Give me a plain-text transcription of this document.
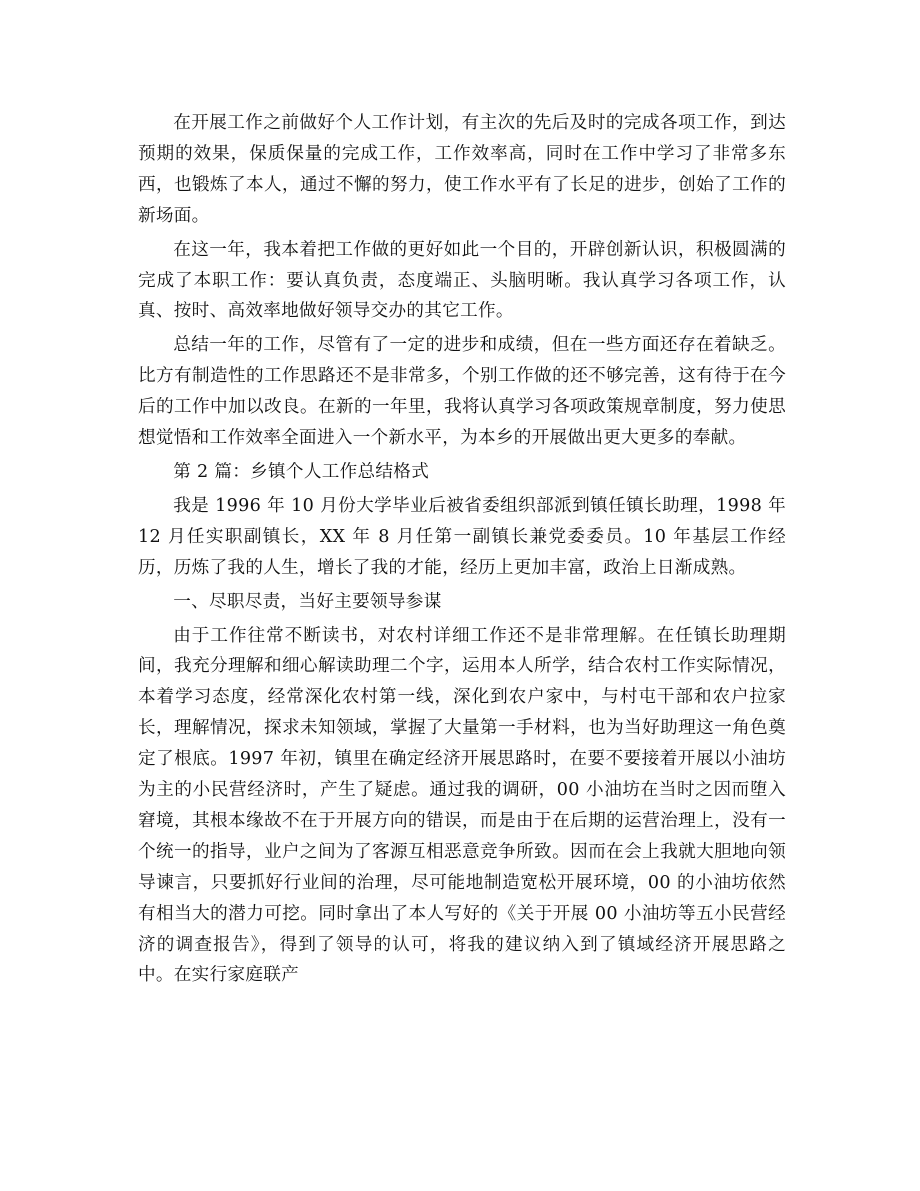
在开展工作之前做好个人工作计划，有主次的先后及时的完成各项工作，到达预期的效果，保质保量的完成工作，工作效率高，同时在工作中学习了非常多东西，也锻炼了本人，通过不懈的努力，使工作水平有了长足的进步，创始了工作的新场面。

在这一年，我本着把工作做的更好如此一个目的，开辟创新认识，积极圆满的完成了本职工作：要认真负责，态度端正、头脑明晰。我认真学习各项工作，认真、按时、高效率地做好领导交办的其它工作。

总结一年的工作，尽管有了一定的进步和成绩，但在一些方面还存在着缺乏。比方有制造性的工作思路还不是非常多，个别工作做的还不够完善，这有待于在今后的工作中加以改良。在新的一年里，我将认真学习各项政策规章制度，努力使思想觉悟和工作效率全面进入一个新水平，为本乡的开展做出更大更多的奉献。

第 2 篇：乡镇个人工作总结格式

我是 1996 年 10 月份大学毕业后被省委组织部派到镇任镇长助理，1998 年 12 月任实职副镇长，XX 年 8 月任第一副镇长兼党委委员。10 年基层工作经历，历炼了我的人生，增长了我的才能，经历上更加丰富，政治上日渐成熟。

一、尽职尽责，当好主要领导参谋

由于工作往常不断读书，对农村详细工作还不是非常理解。在任镇长助理期间，我充分理解和细心解读助理二个字，运用本人所学，结合农村工作实际情况，本着学习态度，经常深化农村第一线，深化到农户家中，与村屯干部和农户拉家长，理解情况，探求未知领域，掌握了大量第一手材料，也为当好助理这一角色奠定了根底。1997 年初，镇里在确定经济开展思路时，在要不要接着开展以小油坊为主的小民营经济时，产生了疑虑。通过我的调研，00 小油坊在当时之因而堕入窘境，其根本缘故不在于开展方向的错误，而是由于在后期的运营治理上，没有一个统一的指导，业户之间为了客源互相恶意竞争所致。因而在会上我就大胆地向领导谏言，只要抓好行业间的治理，尽可能地制造宽松开展环境，00 的小油坊依然有相当大的潜力可挖。同时拿出了本人写好的《关于开展 00 小油坊等五小民营经济的调查报告》，得到了领导的认可，将我的建议纳入到了镇域经济开展思路之中。在实行家庭联产
